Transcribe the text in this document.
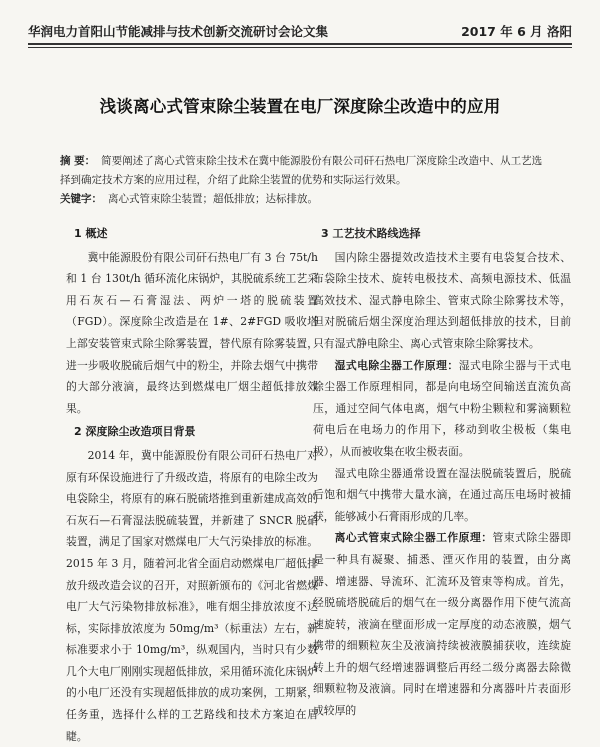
华润电力首阳山节能减排与技术创新交流研讨会论文集	2017 年 6 月 洛阳
浅谈离心式管束除尘装置在电厂深度除尘改造中的应用

摘 要： 简要阐述了离心式管束除尘技术在冀中能源股份有限公司矸石热电厂深度除尘改造中、从工艺选择到确定技术方案的应用过程，介绍了此除尘装置的优势和实际运行效果。

关键字： 离心式管束除尘装置；超低排放；达标排放。

1 概述

冀中能源股份有限公司矸石热电厂有 3 台 75t/h 和 1 台 130t/h 循环流化床锅炉，其脱硫系统工艺采用石灰石—石膏湿法、两炉一塔的脱硫装置（FGD）。深度除尘改造是在 1#、2#FGD 吸收塔上部安装管束式除尘除雾装置，替代原有除雾装置，进一步吸收脱硫后烟气中的粉尘，并除去烟气中携带的大部分液滴，最终达到燃煤电厂烟尘超低排放效果。

2 深度除尘改造项目背景

2014 年，冀中能源股份有限公司矸石热电厂对原有环保设施进行了升级改造，将原有的电除尘改为电袋除尘，将原有的麻石脱硫塔推到重新建成高效的石灰石—石膏湿法脱硫装置，并新建了 SNCR 脱硝装置，满足了国家对燃煤电厂大气污染排放的标准。2015 年 3 月，随着河北省全面启动燃煤电厂超低排放升级改造会议的召开，对照新颁布的《河北省燃煤电厂大气污染物排放标准》，唯有烟尘排放浓度不达标，实际排放浓度为 50mg/m³（标重法）左右，新标准要求小于 10mg/m³，纵观国内，当时只有少数几个大电厂刚刚实现超低排放，采用循环流化床锅炉的小电厂还没有实现超低排放的成功案例，工期紧，任务重，选择什么样的工艺路线和技术方案迫在眉睫。

3 工艺技术路线选择

国内除尘器提效改造技术主要有电袋复合技术、布袋除尘技术、旋转电极技术、高频电源技术、低温高效技术、湿式静电除尘、管束式除尘除雾技术等，但对脱硫后烟尘深度治理达到超低排放的技术，目前只有湿式静电除尘、离心式管束除尘除雾技术。

湿式电除尘器工作原理：湿式电除尘器与干式电除尘器工作原理相同，都是向电场空间输送直流负高压，通过空间气体电离，烟气中粉尘颗粒和雾滴颗粒荷电后在电场力的作用下，移动到收尘极板（集电极），从而被收集在收尘极表面。

湿式电除尘器通常设置在湿法脱硫装置后，脱硫后饱和烟气中携带大量水滴，在通过高压电场时被捕获，能够减小石膏雨形成的几率。

离心式管束式除尘器工作原理：管束式除尘器即是一种具有凝聚、捕悉、湮灭作用的装置，由分离器、增速器、导流环、汇流环及管束等构成。首先，经脱硫塔脱硫后的烟气在一级分离器作用下使气流高速旋转，液滴在壁面形成一定厚度的动态液膜，烟气携带的细颗粒灰尘及液滴持续被液膜捕获收，连续旋转上升的烟气经增速器调整后再经二级分离器去除微细颗粒物及液滴。同时在增速器和分离器叶片表面形成较厚的
